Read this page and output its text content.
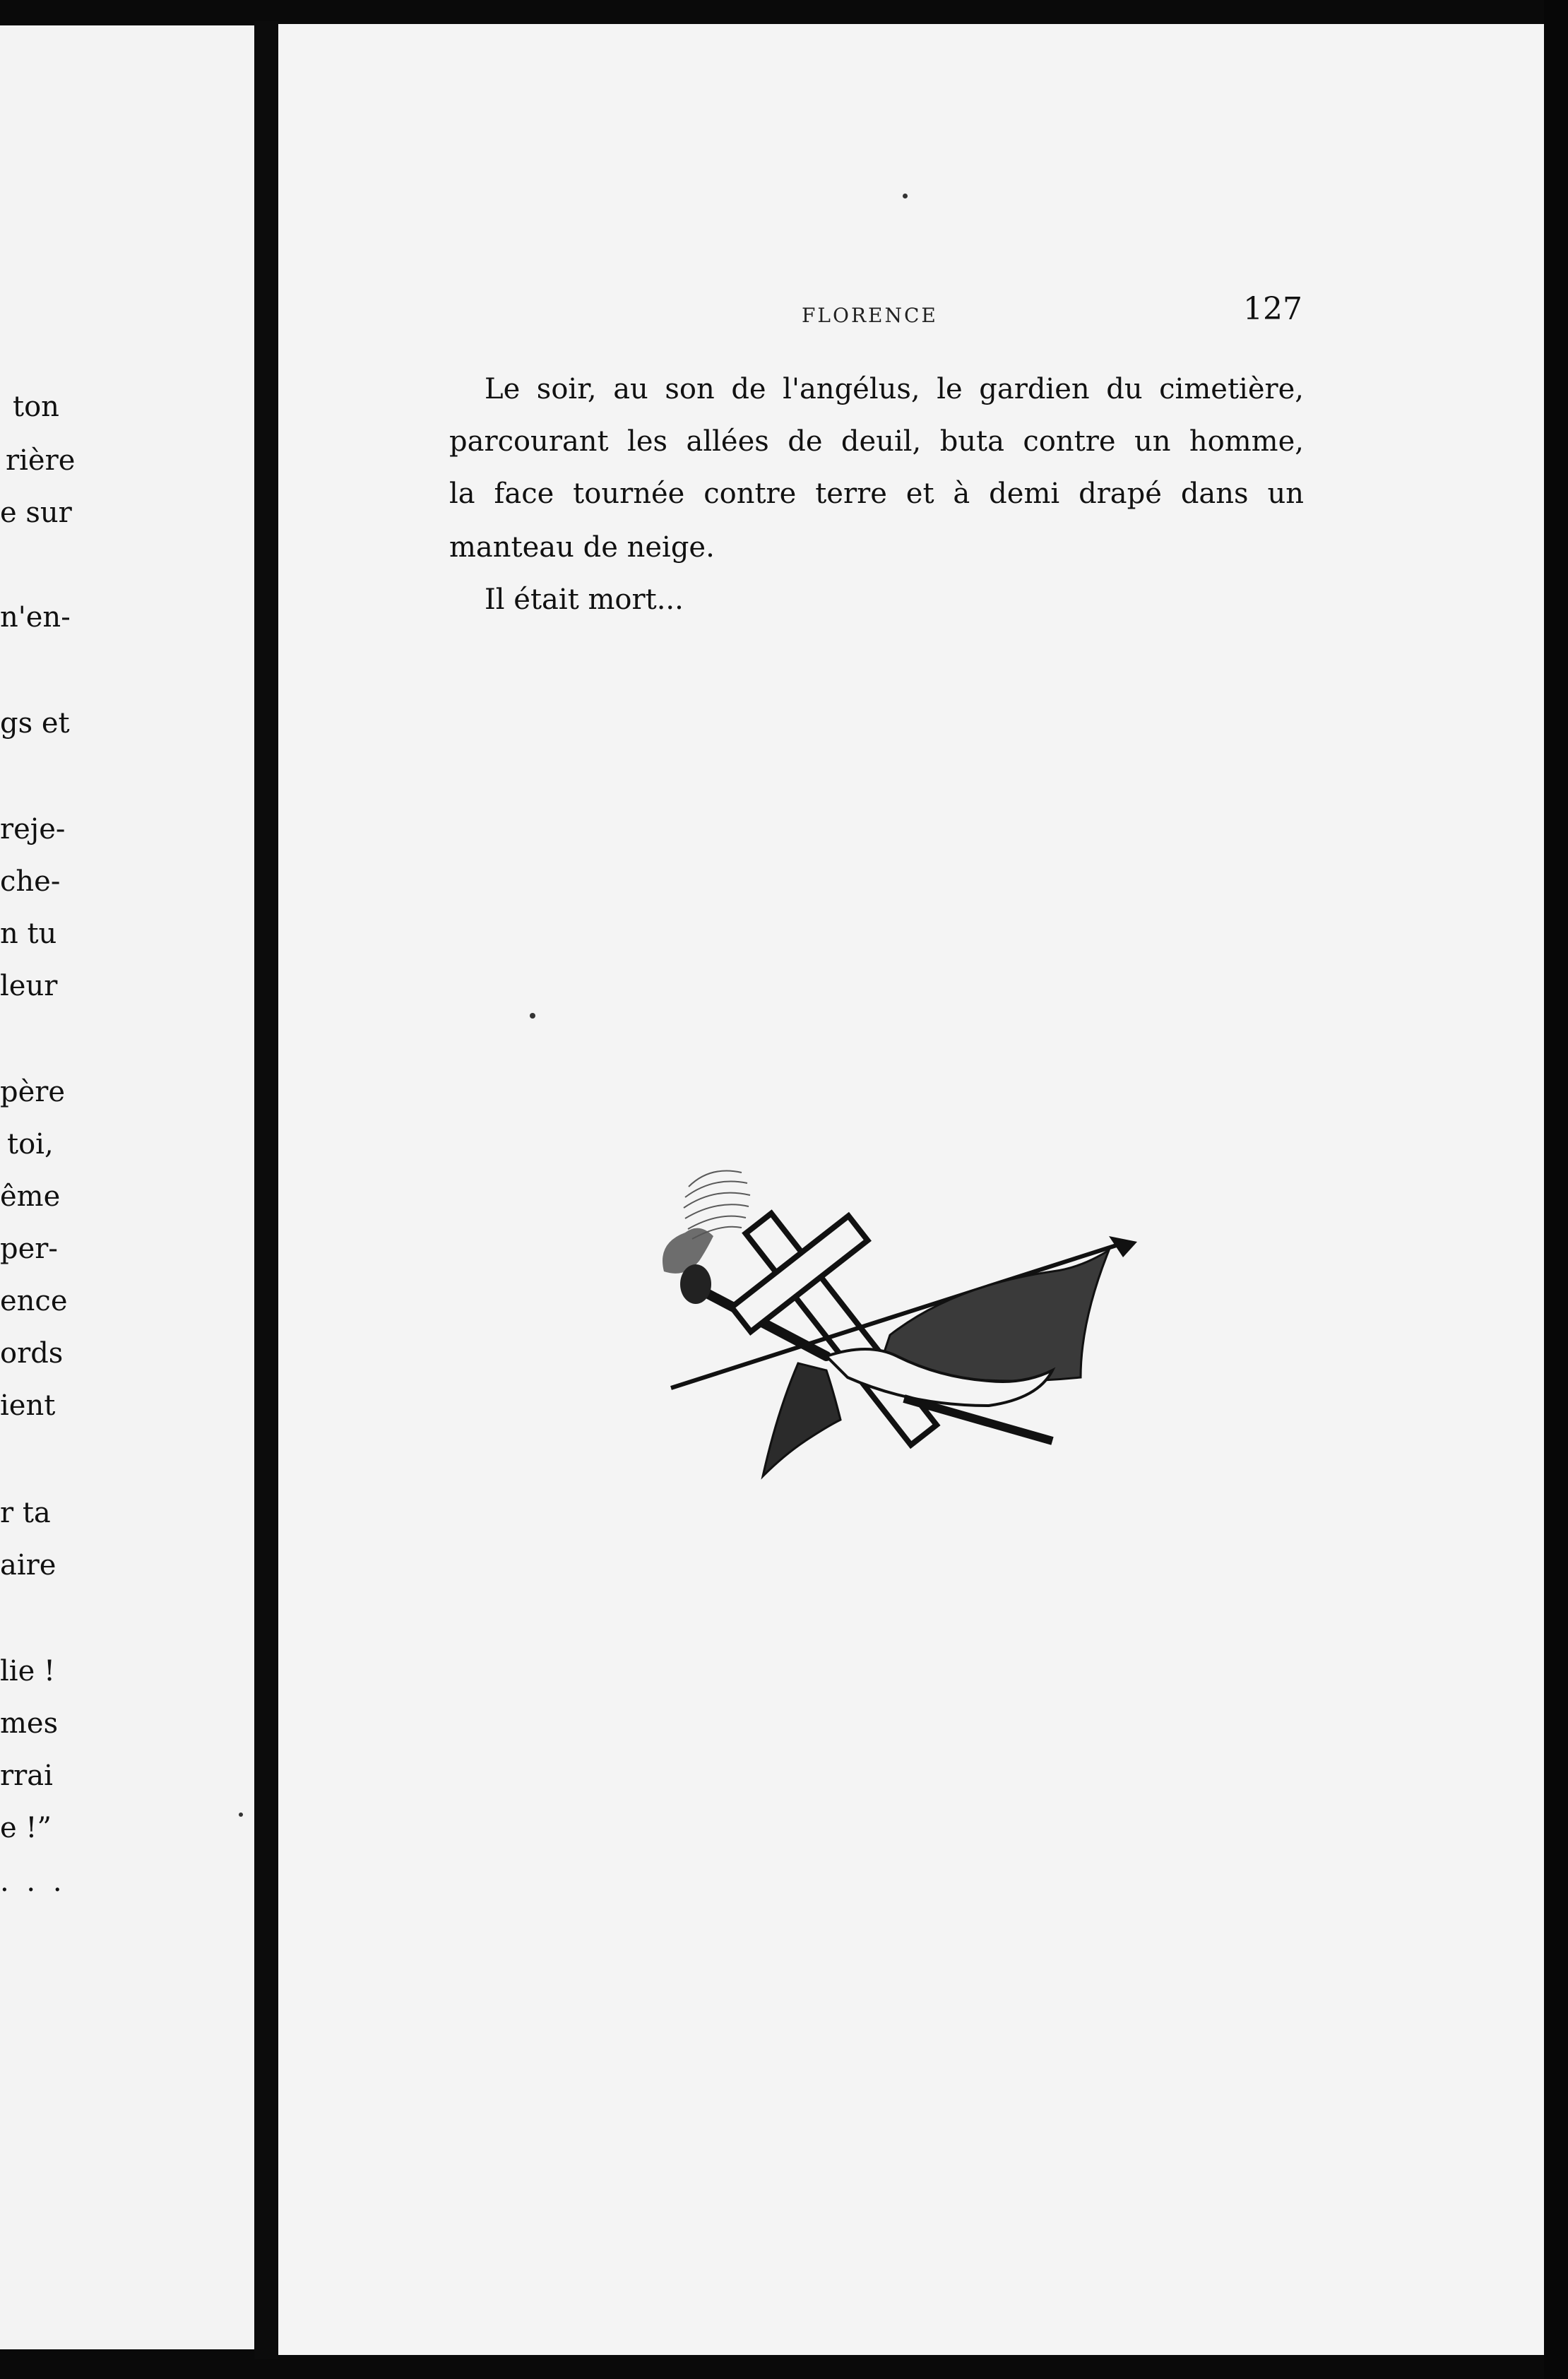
ton
rière
e sur
n'en-
gs et
reje-
che-
n tu
leur
père
toi,
ême
per-
ence
ords
ient
r ta
aire
lie !
mes
rrai
e !”
. . .
FLORENCE	127
Le soir, au son de l'angélus, le gardien du cimetière,
parcourant les allées de deuil, buta contre un homme,
la face tournée contre terre et à demi drapé dans un
manteau de neige.
Il était mort...
